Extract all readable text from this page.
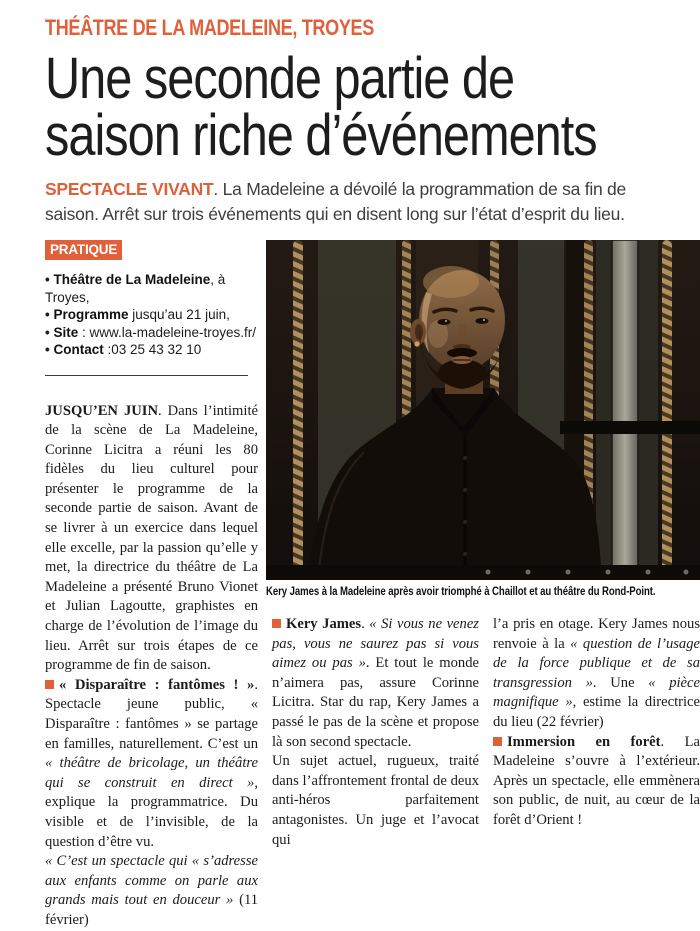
THÉÂTRE DE LA MADELEINE, TROYES
Une seconde partie de
saison riche d’événements

SPECTACLE VIVANT. La Madeleine a dévoilé la programmation de sa fin de saison. Arrêt sur trois événements qui en disent long sur l’état d’esprit du lieu.

PRATIQUE
• Théâtre de La Madeleine, à Troyes,
• Programme jusqu’au 21 juin,
• Site : www.la-madeleine-troyes.fr/
• Contact :03 25 43 32 10

JUSQU’EN JUIN. Dans l’intimité de la scène de La Madeleine, Corinne Licitra a réuni les 80 fidèles du lieu culturel pour présenter le programme de la seconde partie de saison. Avant de se livrer à un exercice dans lequel elle excelle, par la passion qu’elle y met, la directrice du théâtre de La Madeleine a présenté Bruno Vionet et Julian Lagoutte, graphistes en charge de l’évolution de l’image du lieu. Arrêt sur trois étapes de ce programme de fin de saison.

« Disparaître : fantômes ! ». Spectacle jeune public, « Disparaître : fantômes » se partage en familles, naturellement. C’est un « théâtre de bricolage, un théâtre qui se construit en direct », explique la programmatrice. Du visible et de l’invisible, de la question d’être vu.

« C’est un spectacle qui « s’adresse aux enfants comme on parle aux grands mais tout en douceur » (11 février)

Kery James à la Madeleine après avoir triomphé à Chaillot et au théâtre du Rond-Point.

Kery James. « Si vous ne venez pas, vous ne saurez pas si vous aimez ou pas ». Et tout le monde n’aimera pas, assure Corinne Licitra. Star du rap, Kery James a passé le pas de la scène et propose là son second spectacle.

Un sujet actuel, rugueux, traité dans l’affrontement frontal de deux anti-héros parfaitement antagonistes. Un juge et l’avocat qui

l’a pris en otage. Kery James nous renvoie à la « question de l’usage de la force publique et de sa transgression ». Une « pièce magnifique », estime la directrice du lieu (22 février)

Immersion en forêt. La Madeleine s’ouvre à l’extérieur. Après un spectacle, elle emmènera son public, de nuit, au cœur de la forêt d’Orient !
